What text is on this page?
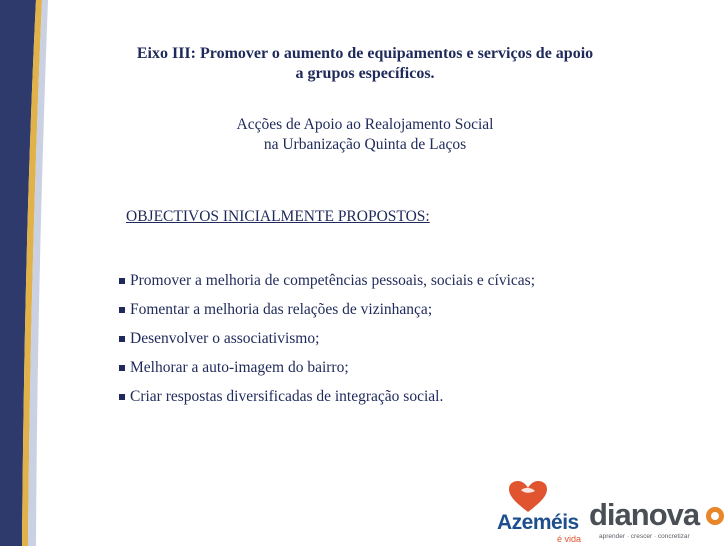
Eixo III: Promover o aumento de equipamentos e serviços de apoio
a grupos específicos.
Acções de Apoio ao Realojamento Social
na Urbanização Quinta de Laços
OBJECTIVOS INICIALMENTE PROPOSTOS:
Promover a melhoria de competências pessoais, sociais e cívicas;
Fomentar a melhoria das relações de vizinhança;
Desenvolver o associativismo;
Melhorar a auto-imagem do bairro;
Criar respostas diversificadas de integração social.
Azeméis
é vida
dianova
aprender · crescer · concretizar
